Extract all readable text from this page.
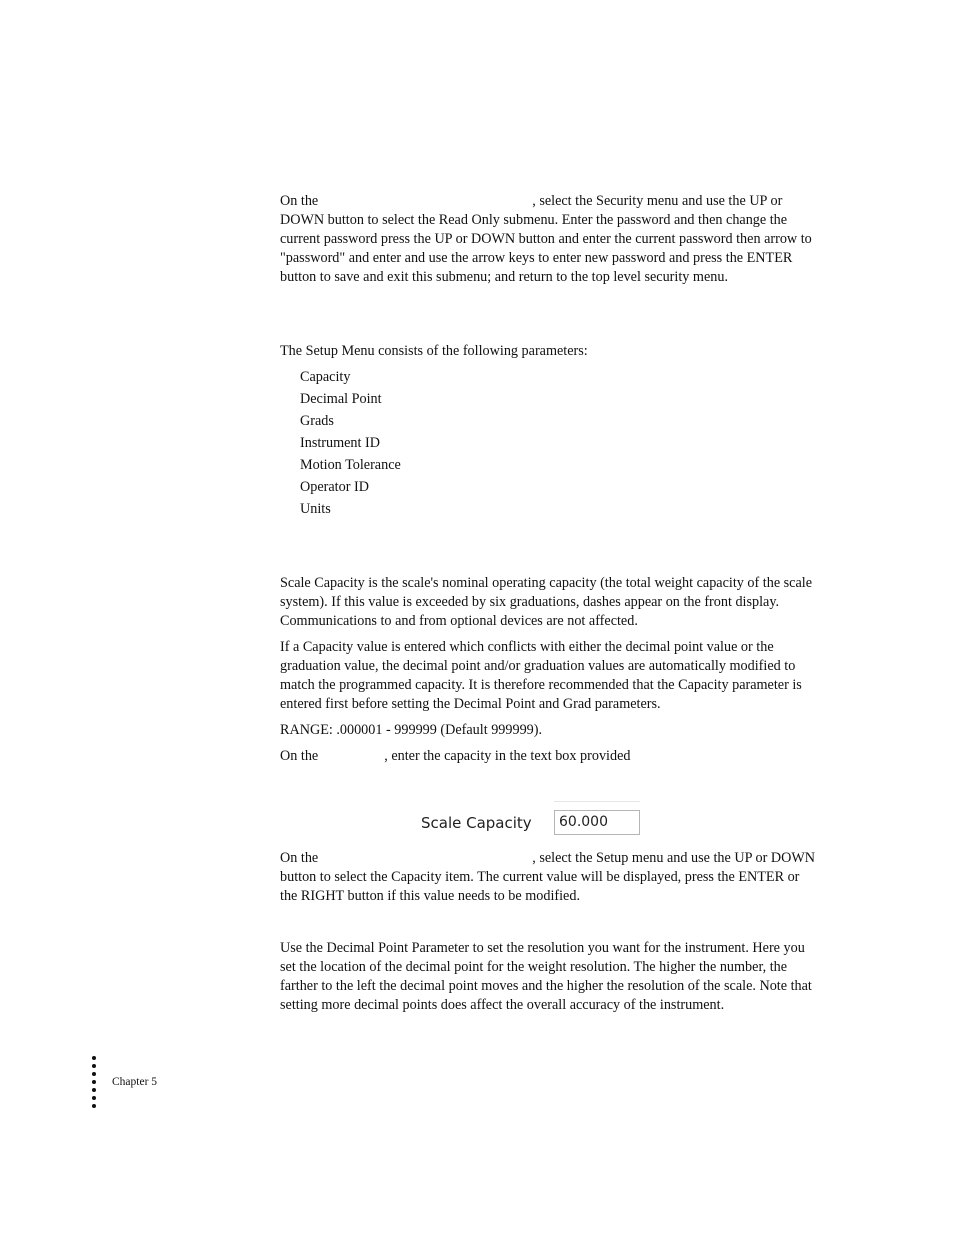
On the	, select the Security menu and use the UP or DOWN button to select the Read Only submenu. Enter the password and then change the current password press the UP or DOWN button and enter the current password then arrow to "password" and enter and use the arrow keys to enter new password and press the ENTER button to save and exit this submenu; and return to the top level security menu.

The Setup Menu consists of the following parameters:

Capacity
Decimal Point
Grads
Instrument ID
Motion Tolerance
Operator ID
Units

Scale Capacity is the scale's nominal operating capacity (the total weight capacity of the scale system). If this value is exceeded by six graduations, dashes appear on the front display. Communications to and from optional devices are not affected.

If a Capacity value is entered which conflicts with either the decimal point value or the graduation value, the decimal point and/or graduation values are automatically modified to match the programmed capacity. It is therefore recommended that the Capacity parameter is entered first before setting the Decimal Point and Grad parameters.

RANGE: .000001 - 999999 (Default 999999).

On the	, enter the capacity in the text box provided

Scale Capacity	60.000

On the	, select the Setup menu and use the UP or DOWN button to select the Capacity item. The current value will be displayed, press the ENTER or the RIGHT button if this value needs to be modified.

Use the Decimal Point Parameter to set the resolution you want for the instrument. Here you set the location of the decimal point for the weight resolution. The higher the number, the farther to the left the decimal point moves and the higher the resolution of the scale. Note that setting more decimal points does affect the overall accuracy of the instrument.

Chapter 5
